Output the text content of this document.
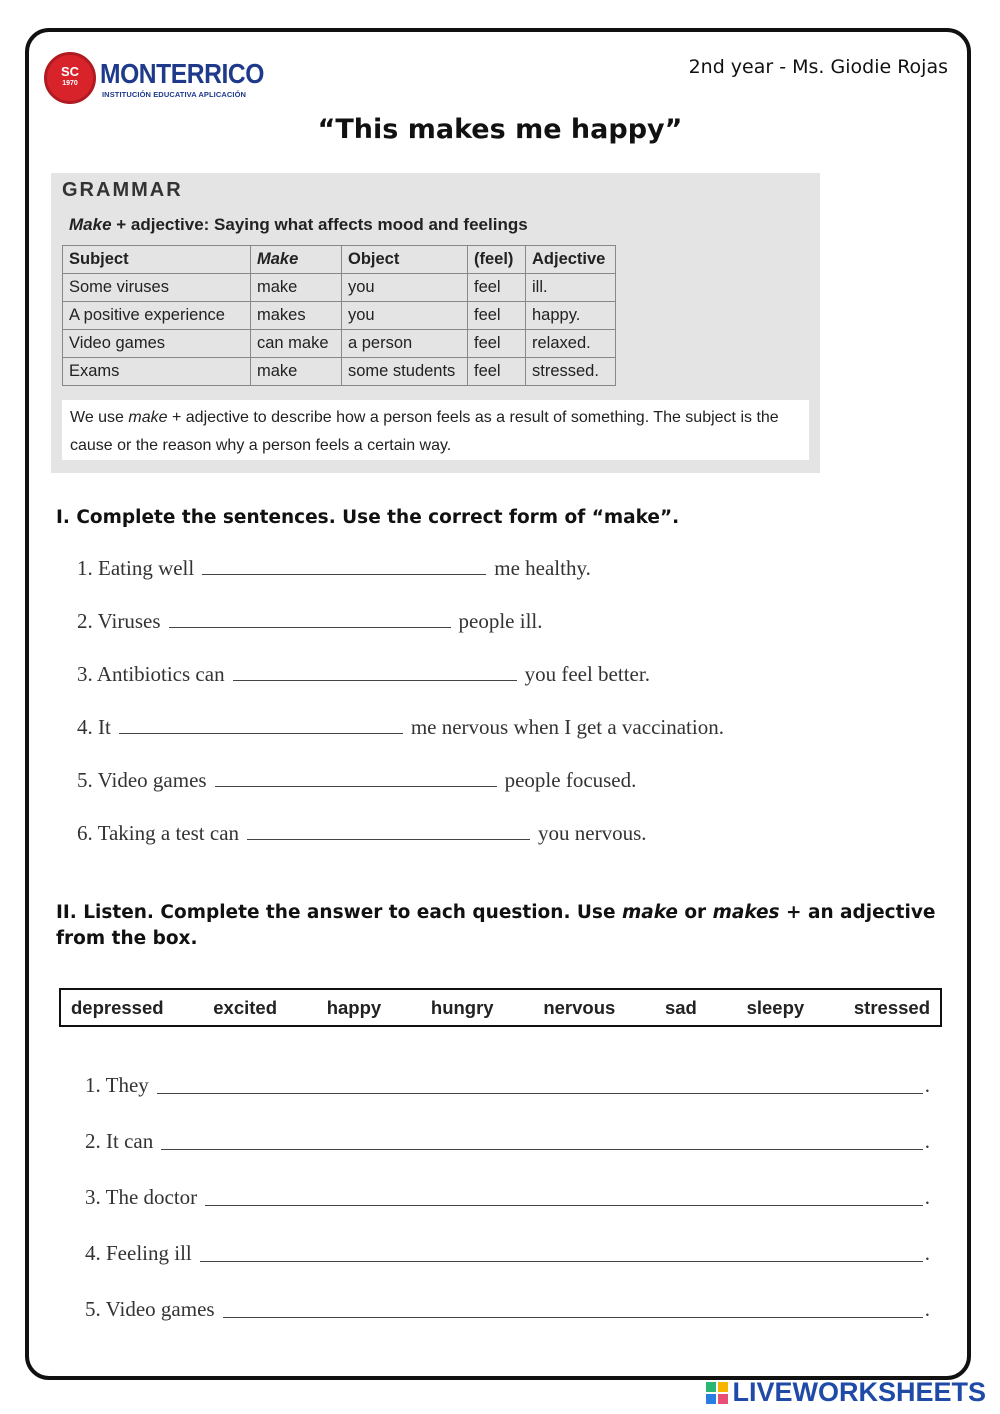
SC
1970 MONTERRICO
INSTITUCIÓN EDUCATIVA APLICACIÓN
2nd year - Ms. Giodie Rojas
“This makes me happy”
GRAMMAR
Make + adjective: Saying what affects mood and feelings
Subject	Make	Object	(feel)	Adjective
Some viruses	make	you	feel	ill.
A positive experience	makes	you	feel	happy.
Video games	can make	a person	feel	relaxed.
Exams	make	some students	feel	stressed.
We use make + adjective to describe how a person feels as a result of something. The subject is the cause or the reason why a person feels a certain way.
I. Complete the sentences. Use the correct form of “make”.
1. Eating well	me healthy.
2. Viruses	people ill.
3. Antibiotics can	you feel better.
4. It	me nervous when I get a vaccination.
5. Video games	people focused.
6. Taking a test can	you nervous.
II. Listen. Complete the answer to each question. Use make or makes + an adjective from the box.
depressed	excited	happy	hungry	nervous	sad	sleepy	stressed
1. They	.
2. It can	.
3. The doctor	.
4. Feeling ill	.
5. Video games	.
LIVEWORKSHEETS
